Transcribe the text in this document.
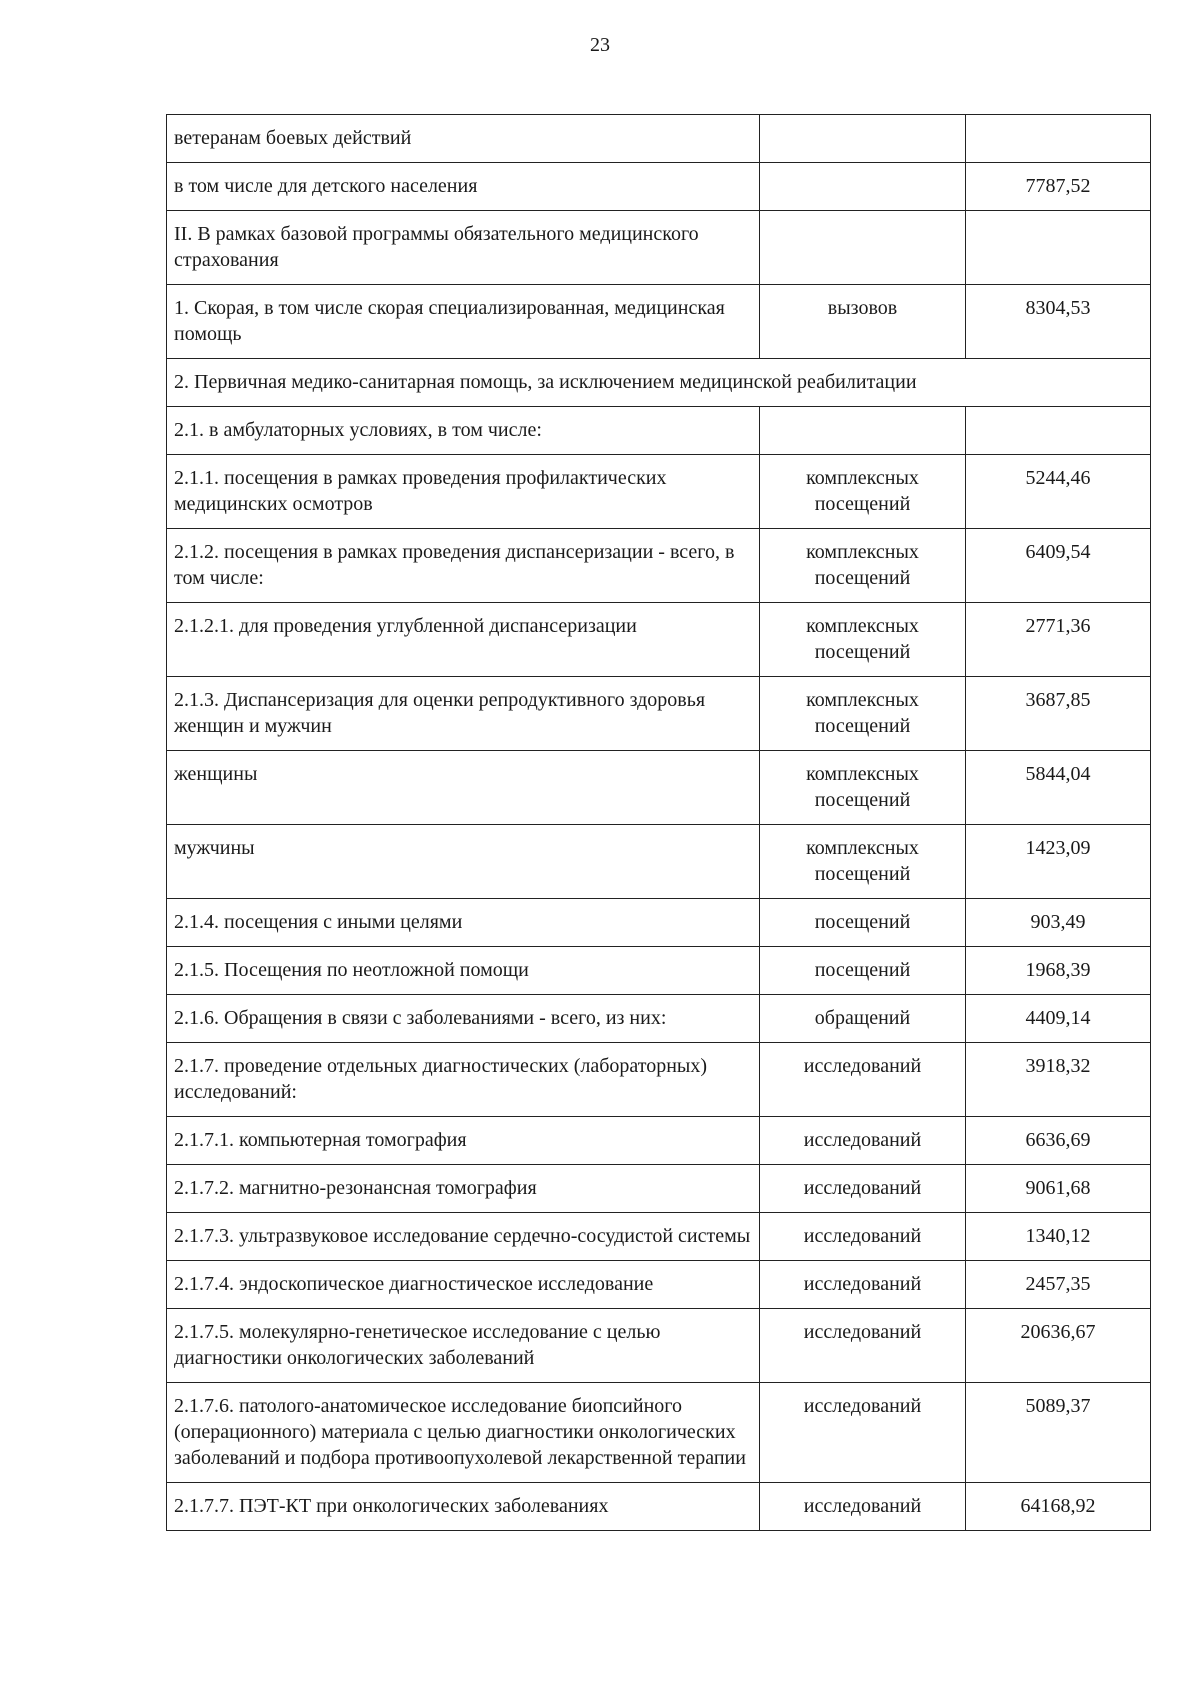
23
ветеранам боевых действий		
в том числе для детского населения		7787,52
II. В рамках базовой программы обязательного медицинского страхования		
1. Скорая, в том числе скорая специализированная, медицинская помощь	вызовов	8304,53
2. Первичная медико-санитарная помощь, за исключением медицинской реабилитации		
2.1. в амбулаторных условиях, в том числе:		
2.1.1. посещения в рамках проведения профилактических медицинских осмотров	комплексных посещений	5244,46
2.1.2. посещения в рамках проведения диспансеризации - всего, в том числе:	комплексных посещений	6409,54
2.1.2.1. для проведения углубленной диспансеризации	комплексных посещений	2771,36
2.1.3. Диспансеризация для оценки репродуктивного здоровья женщин и мужчин	комплексных посещений	3687,85
женщины	комплексных посещений	5844,04
мужчины	комплексных посещений	1423,09
2.1.4. посещения с иными целями	посещений	903,49
2.1.5. Посещения по неотложной помощи	посещений	1968,39
2.1.6. Обращения в связи с заболеваниями - всего, из них:	обращений	4409,14
2.1.7. проведение отдельных диагностических (лабораторных) исследований:	исследований	3918,32
2.1.7.1. компьютерная томография	исследований	6636,69
2.1.7.2. магнитно-резонансная томография	исследований	9061,68
2.1.7.3. ультразвуковое исследование сердечно-сосудистой системы	исследований	1340,12
2.1.7.4. эндоскопическое диагностическое исследование	исследований	2457,35
2.1.7.5. молекулярно-генетическое исследование с целью диагностики онкологических заболеваний	исследований	20636,67
2.1.7.6. патолого-анатомическое исследование биопсийного (операционного) материала с целью диагностики онкологических заболеваний и подбора противоопухолевой лекарственной терапии	исследований	5089,37
2.1.7.7. ПЭТ-КТ при онкологических заболеваниях	исследований	64168,92
